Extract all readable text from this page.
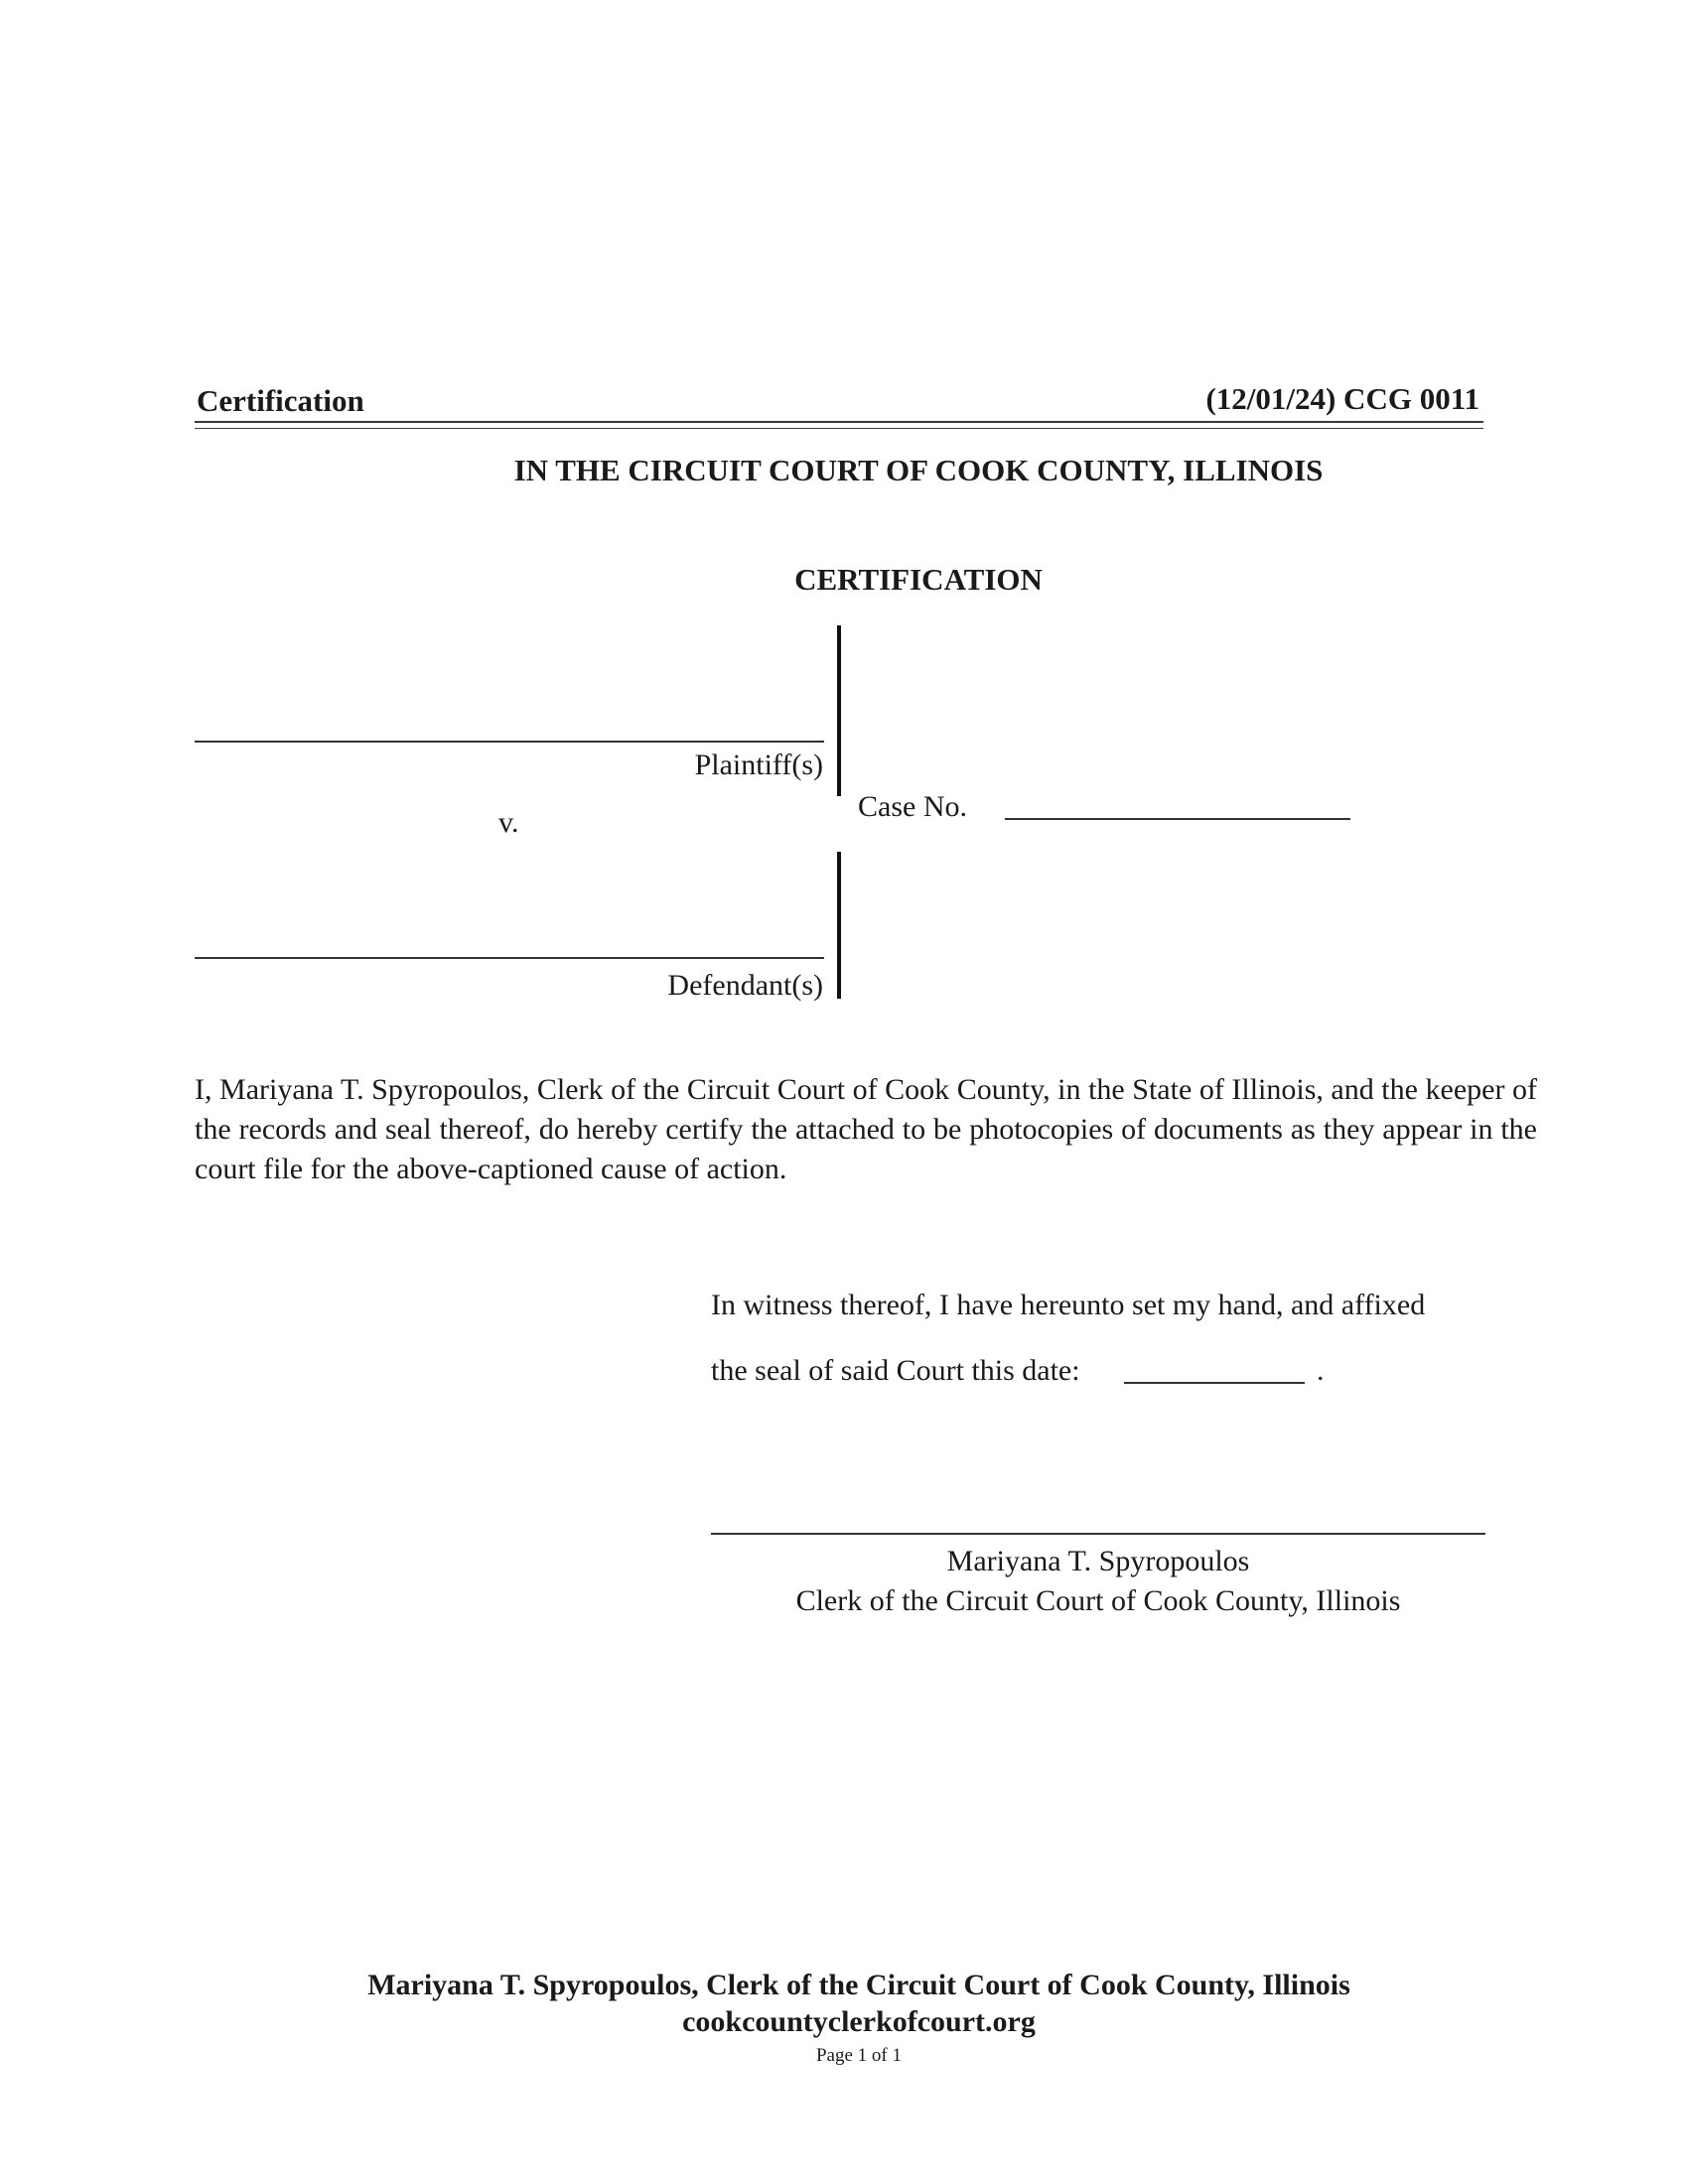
Certification	(12/01/24) CCG 0011
IN THE CIRCUIT COURT OF COOK COUNTY, ILLINOIS
CERTIFICATION
Plaintiff(s)
v.
Defendant(s)
Case No.
I, Mariyana T. Spyropoulos, Clerk of the Circuit Court of Cook County, in the State of Illinois, and the keeper of the records and seal thereof, do hereby certify the attached to be photocopies of documents as they appear in the court file for the above-captioned cause of action.
In witness thereof, I have hereunto set my hand, and affixed
the seal of said Court this date:	.
Mariyana T. Spyropoulos
Clerk of the Circuit Court of Cook County, Illinois
Mariyana T. Spyropoulos, Clerk of the Circuit Court of Cook County, Illinois
cookcountyclerkofcourt.org
Page 1 of 1
